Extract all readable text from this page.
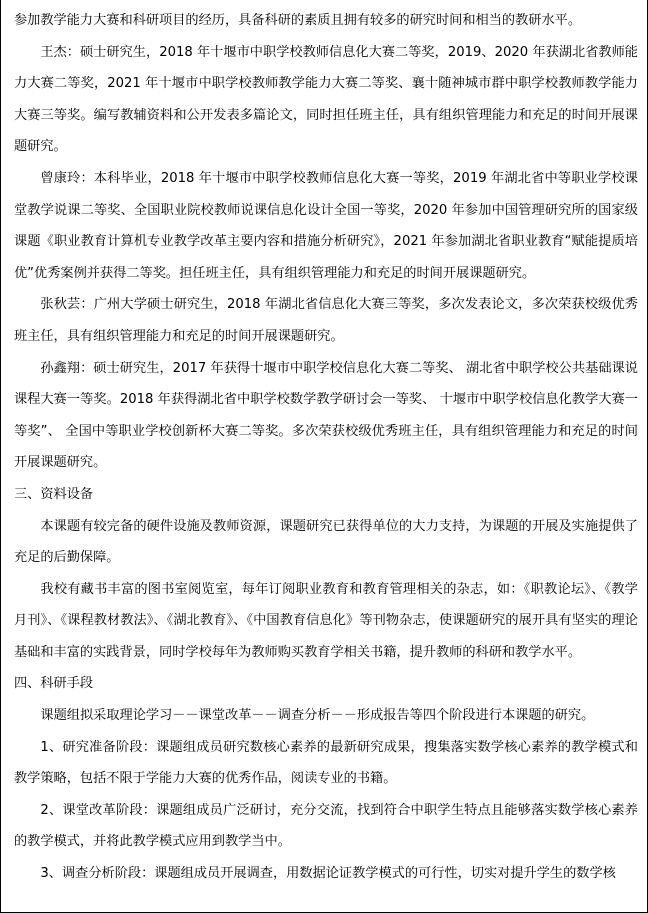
参加教学能力大赛和科研项目的经历，具备科研的素质且拥有较多的研究时间和相当的教研水平。

王杰：硕士研究生，2018 年十堰市中职学校教师信息化大赛二等奖，2019、2020 年获湖北省教师能力大赛二等奖，2021 年十堰市中职学校教师教学能力大赛二等奖、襄十随神城市群中职学校教师教学能力大赛三等奖。编写教辅资料和公开发表多篇论文，同时担任班主任，具有组织管理能力和充足的时间开展课题研究。

曾康玲：本科毕业，2018 年十堰市中职学校教师信息化大赛一等奖，2019 年湖北省中等职业学校课堂教学说课二等奖、全国职业院校教师说课信息化设计全国一等奖，2020 年参加中国管理研究所的国家级课题《职业教育计算机专业教学改革主要内容和措施分析研究》，2021 年参加湖北省职业教育“赋能提质培优”优秀案例并获得二等奖。担任班主任，具有组织管理能力和充足的时间开展课题研究。

张秋芸：广州大学硕士研究生，2018 年湖北省信息化大赛三等奖，多次发表论文，多次荣获校级优秀班主任，具有组织管理能力和充足的时间开展课题研究。

孙鑫翔：硕士研究生，2017 年获得十堰市中职学校信息化大赛二等奖、 湖北省中职学校公共基础课说课程大赛一等奖。2018 年获得湖北省中职学校数学教学研讨会一等奖、 十堰市中职学校信息化教学大赛一等奖”、 全国中等职业学校创新杯大赛二等奖。多次荣获校级优秀班主任，具有组织管理能力和充足的时间开展课题研究。

三、资料设备

本课题有较完备的硬件设施及教师资源，课题研究已获得单位的大力支持，为课题的开展及实施提供了充足的后勤保障。

我校有藏书丰富的图书室阅览室，每年订阅职业教育和教育管理相关的杂志，如：《职教论坛》、《教学月刊》、《课程教材教法》、《湖北教育》、《中国教育信息化》等刊物杂志，使课题研究的展开具有坚实的理论基础和丰富的实践背景，同时学校每年为教师购买教育学相关书籍，提升教师的科研和教学水平。

四、科研手段

课题组拟采取理论学习－－课堂改革－－调查分析－－形成报告等四个阶段进行本课题的研究。

1、研究准备阶段：课题组成员研究数核心素养的最新研究成果，搜集落实数学核心素养的教学模式和教学策略，包括不限于学能力大赛的优秀作品，阅读专业的书籍。

2、课堂改革阶段：课题组成员广泛研讨，充分交流，找到符合中职学生特点且能够落实数学核心素养的教学模式，并将此教学模式应用到教学当中。

3、调查分析阶段：课题组成员开展调查，用数据论证教学模式的可行性，切实对提升学生的数学核
